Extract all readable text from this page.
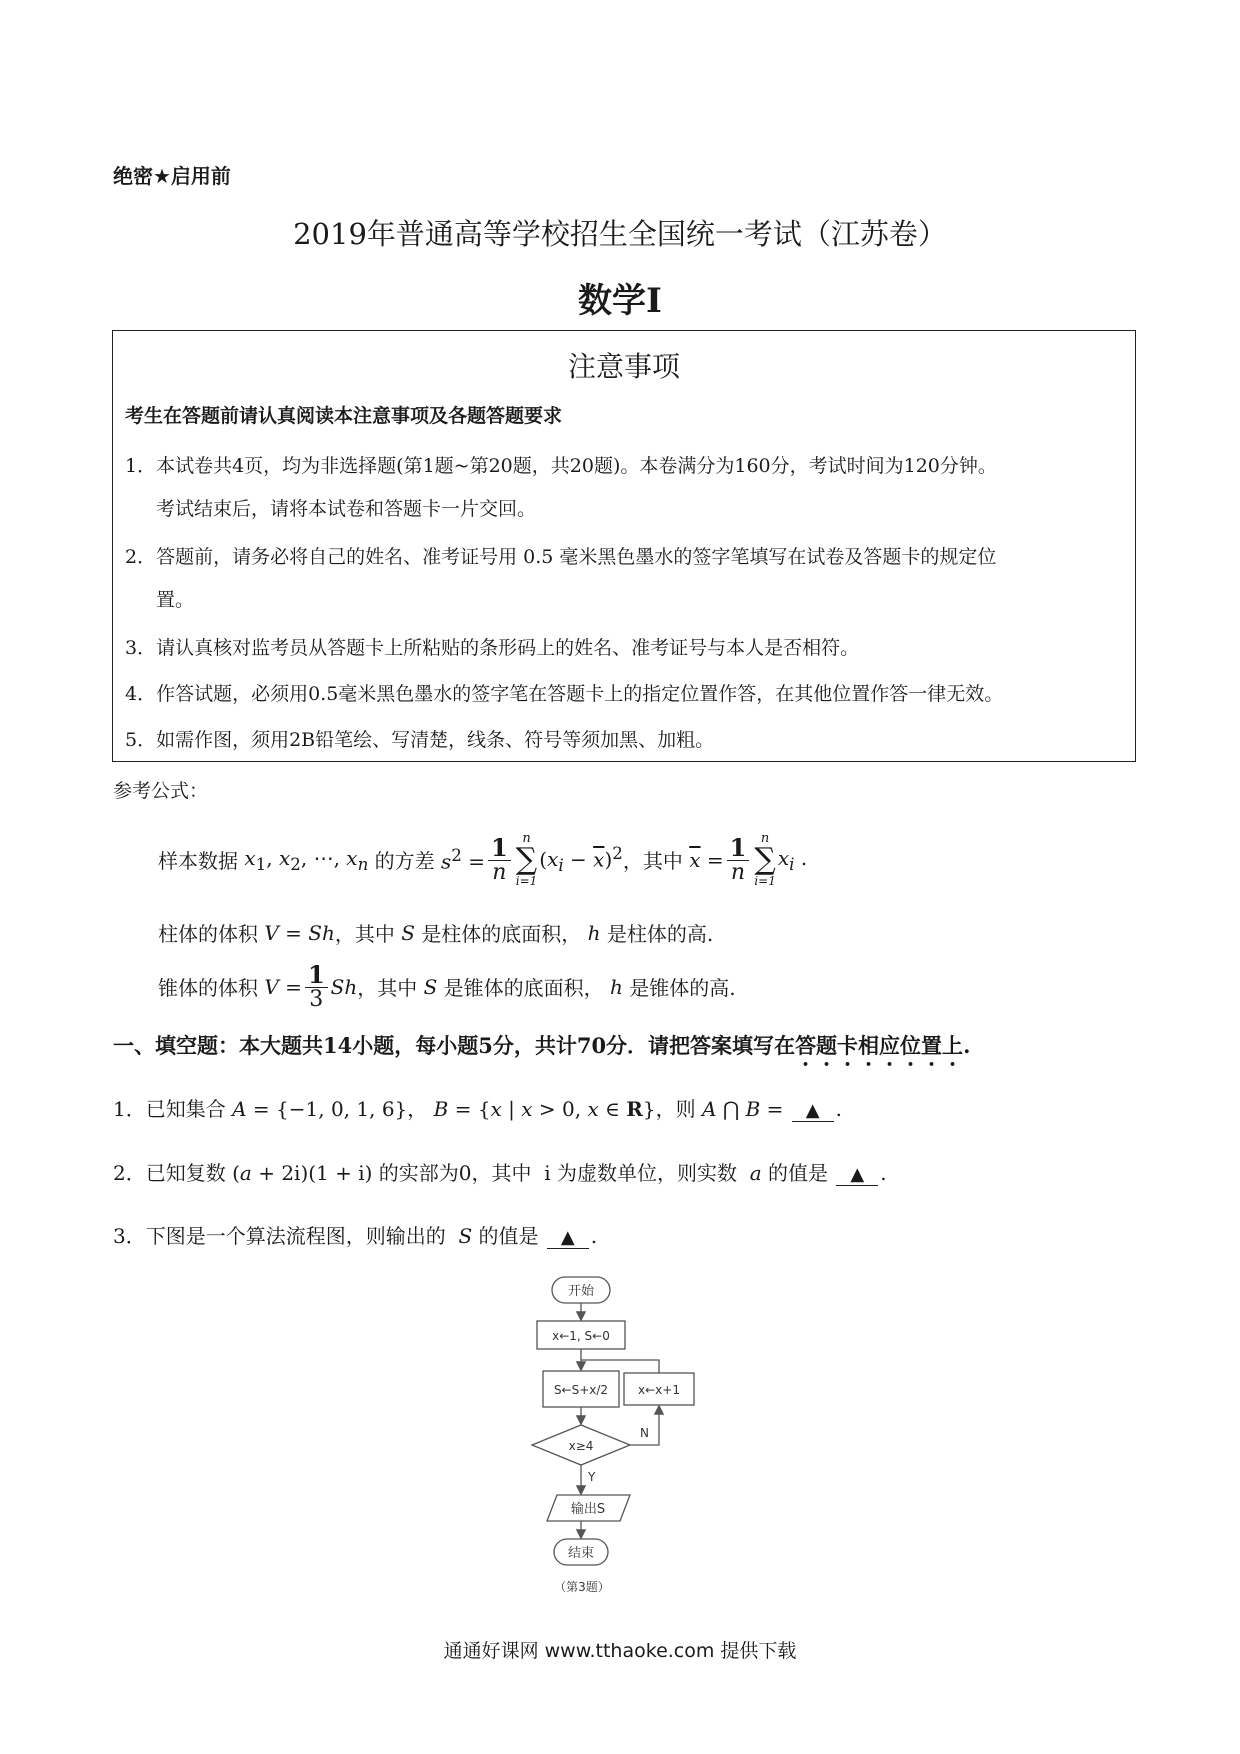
绝密★启用前
2019年普通高等学校招生全国统一考试（江苏卷）
数学Ⅰ
注意事项
考生在答题前请认真阅读本注意事项及各题答题要求
1．本试卷共4页，均为非选择题(第1题~第20题，共20题)。本卷满分为160分，考试时间为120分钟。
考试结束后，请将本试卷和答题卡一片交回。
2．答题前，请务必将自己的姓名、准考证号用 0.5 毫米黑色墨水的签字笔填写在试卷及答题卡的规定位
置。
3．请认真核对监考员从答题卡上所粘贴的条形码上的姓名、准考证号与本人是否相符。
4．作答试题，必须用0.5毫米黑色墨水的签字笔在答题卡上的指定位置作答，在其他位置作答一律无效。
5．如需作图，须用2B铅笔绘、写清楚，线条、符号等须加黑、加粗。
参考公式：
样本数据 $x_1$, $x_2$, ⋯, $x_n$ 的方差 $s^2 = \frac{1}{n}$ n
∑
i=1
$(x_i - \overline{x})^2$ ，其中 $\overline{x} = \frac{1}{n}$ n
∑
i=1
$x_i$ .
柱体的体积 V = Sh ，其中 S 是柱体的底面积， h 是柱体的高.
锥体的体积 $V = \frac{1}{3}$ Sh ，其中 S 是锥体的底面积， h 是锥体的高.
一、填空题：本大题共14小题，每小题5分，共计70分．请把答案填写在答题卡相应位置上.
1．已知集合 A = {−1, 0, 1, 6}， B = {x | x > 0, x ∈ R}，则 A ⋂ B = ▲ .
2．已知复数 (a + 2i)(1 + i) 的实部为0，其中  i 为虚数单位，则实数 a 的值是 ▲ .
3．下图是一个算法流程图，则输出的 S 的值是 ▲ .
开始
x←1, S←0
S←S+x/2 x←x+1
x≥4
N
Y
输出S
结束
（第3题）
通通好课网 www.tthaoke.com 提供下载
